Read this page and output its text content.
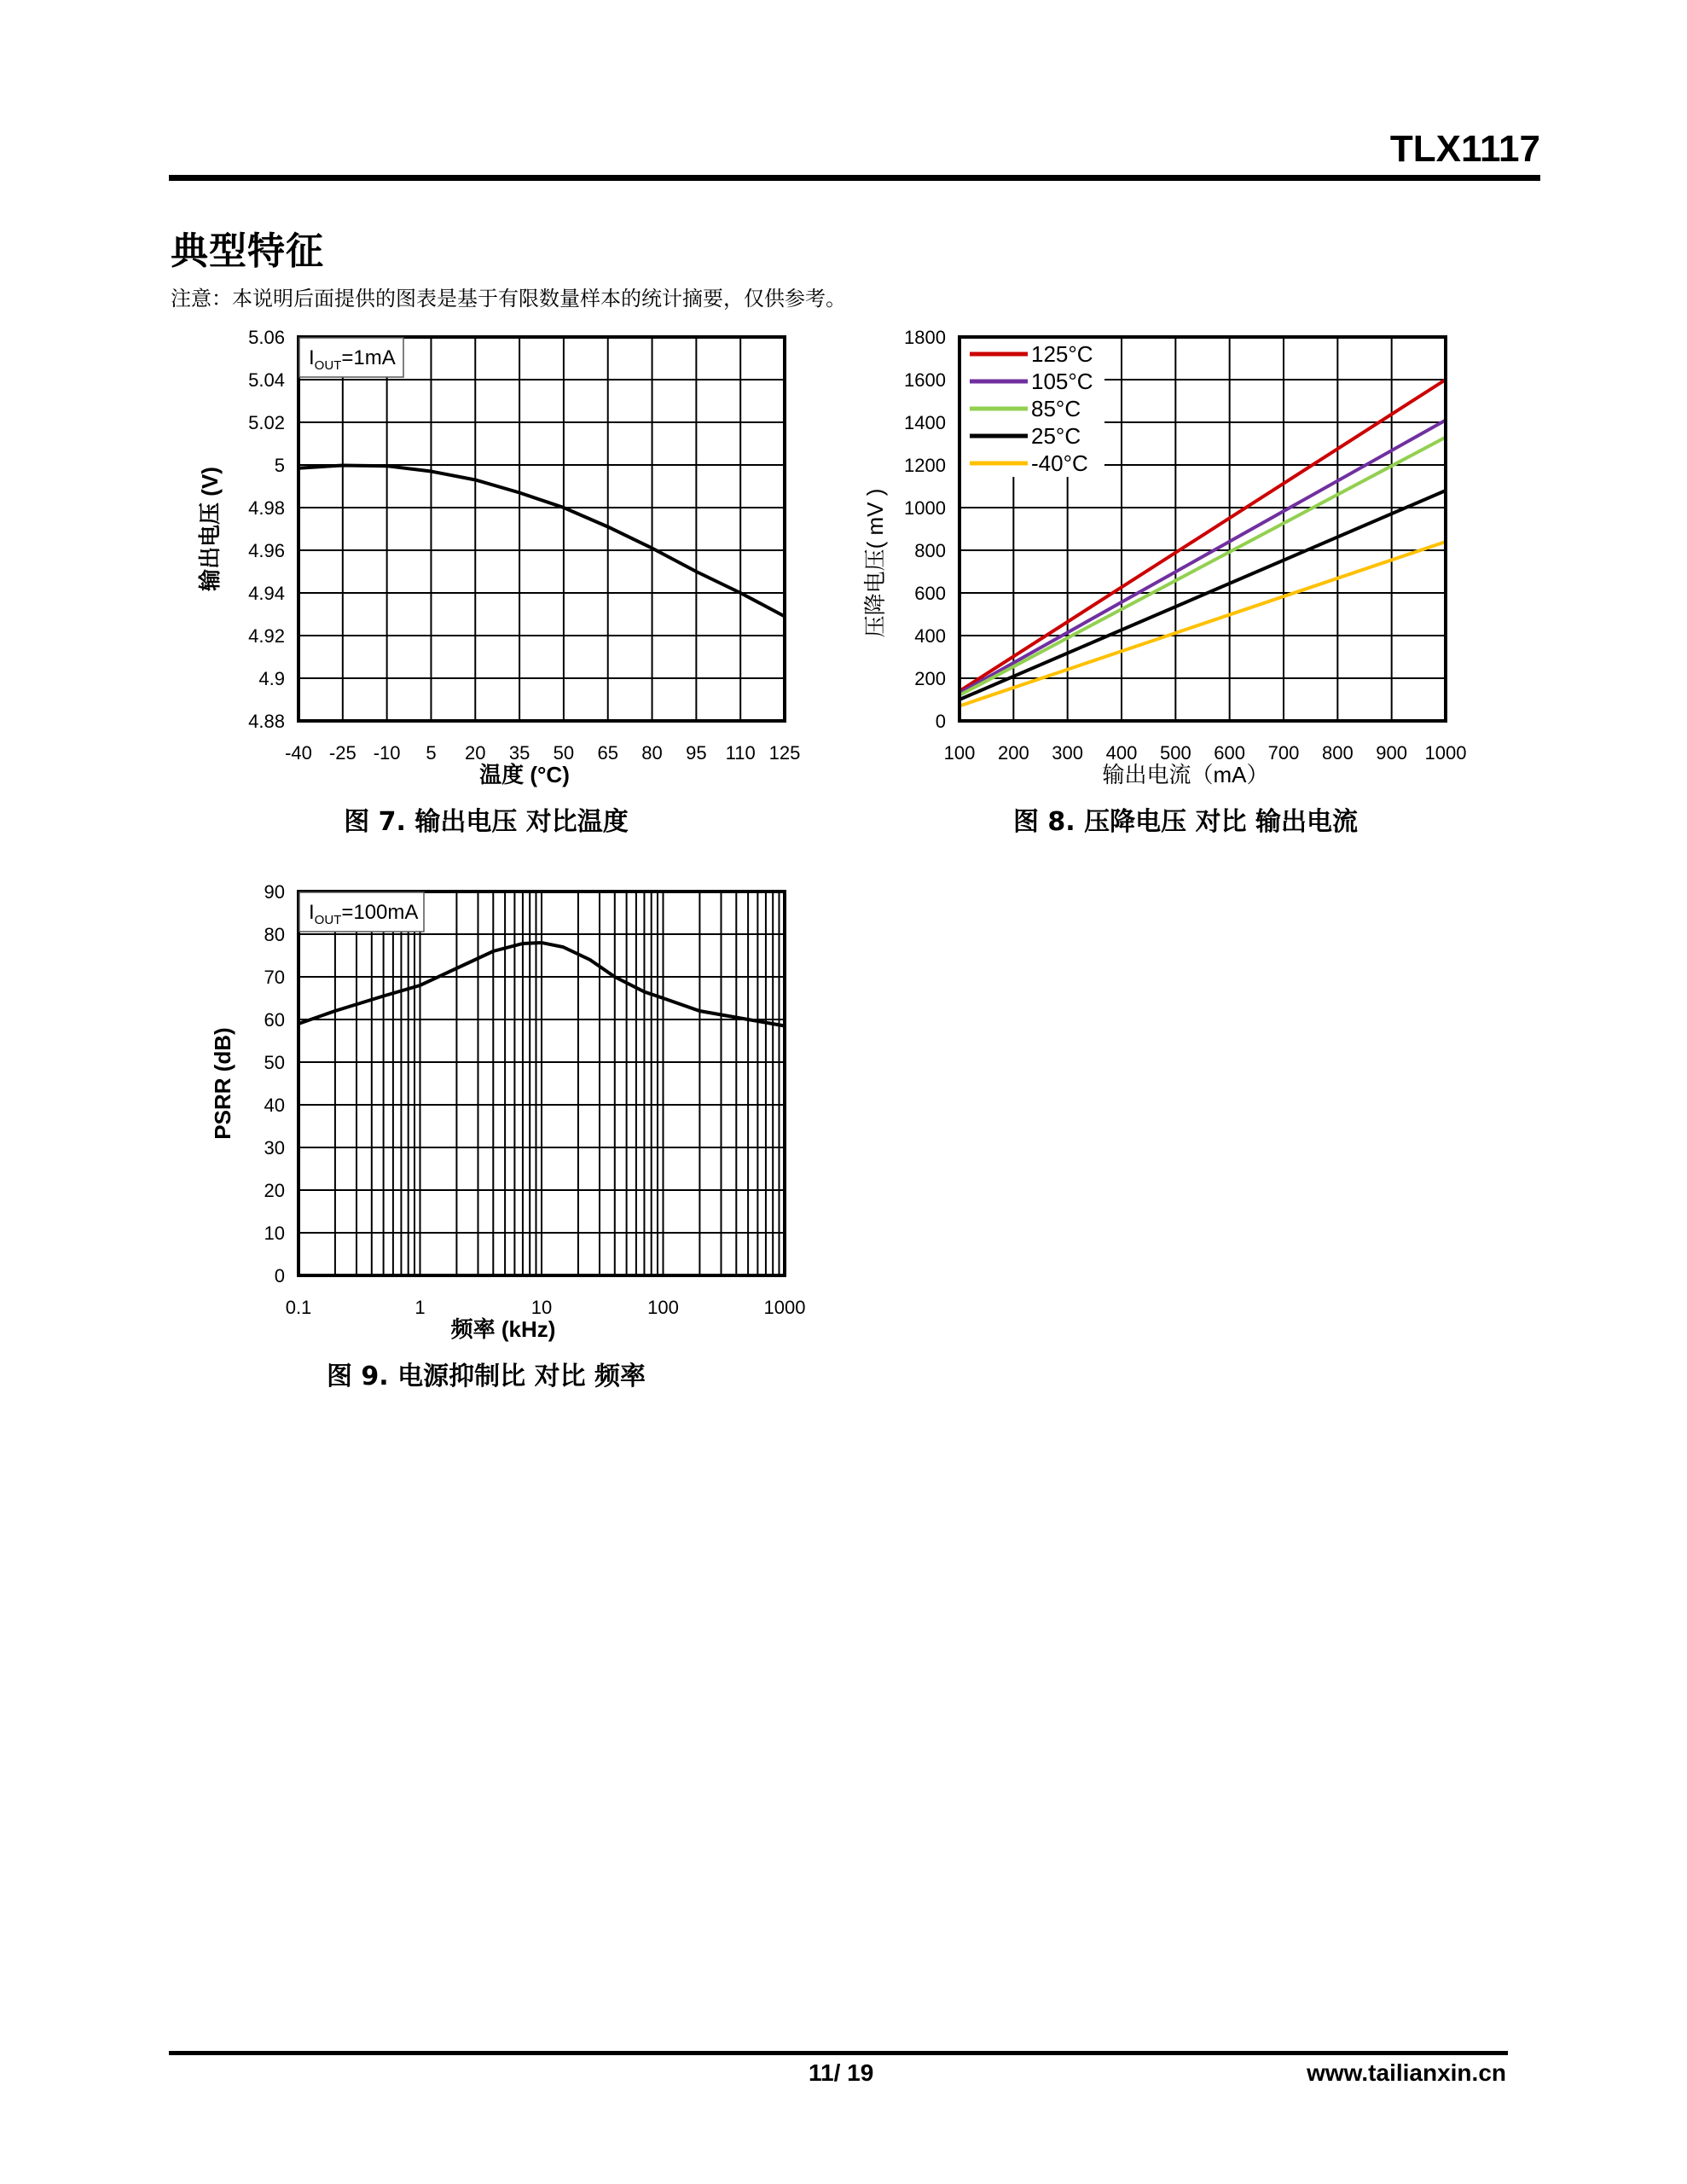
TLX1117
典型特征
注意：本说明后面提供的图表是基于有限数量样本的统计摘要，仅供参考。
-40 -25 -10 5 20 35 50 65 80 95 110 125
4.88
4.9
4.92
4.94
4.96
4.98
5
5.02
5.04
5.06
$I_{OUT}=1mA$
温度 (°C)
输出电压 (V)
图 7. 输出电压 对比温度
100 200 300 400 500 600 700 800 900 1000
0
200
400
600
800
1000
1200
1400
1600
1800
125°C
105°C
85°C
25°C
-40°C
输出电流（mA）
压降电压( mV )
图 8. 压降电压 对比 输出电流
0.1	1	10	100	1000
0
10
20
30
40
50
60
70
80
90
$I_{OUT}=100mA$
频率 (kHz)
PSRR (dB)
图 9. 电源抑制比 对比 频率
11/ 19	www.tailianxin.cn
